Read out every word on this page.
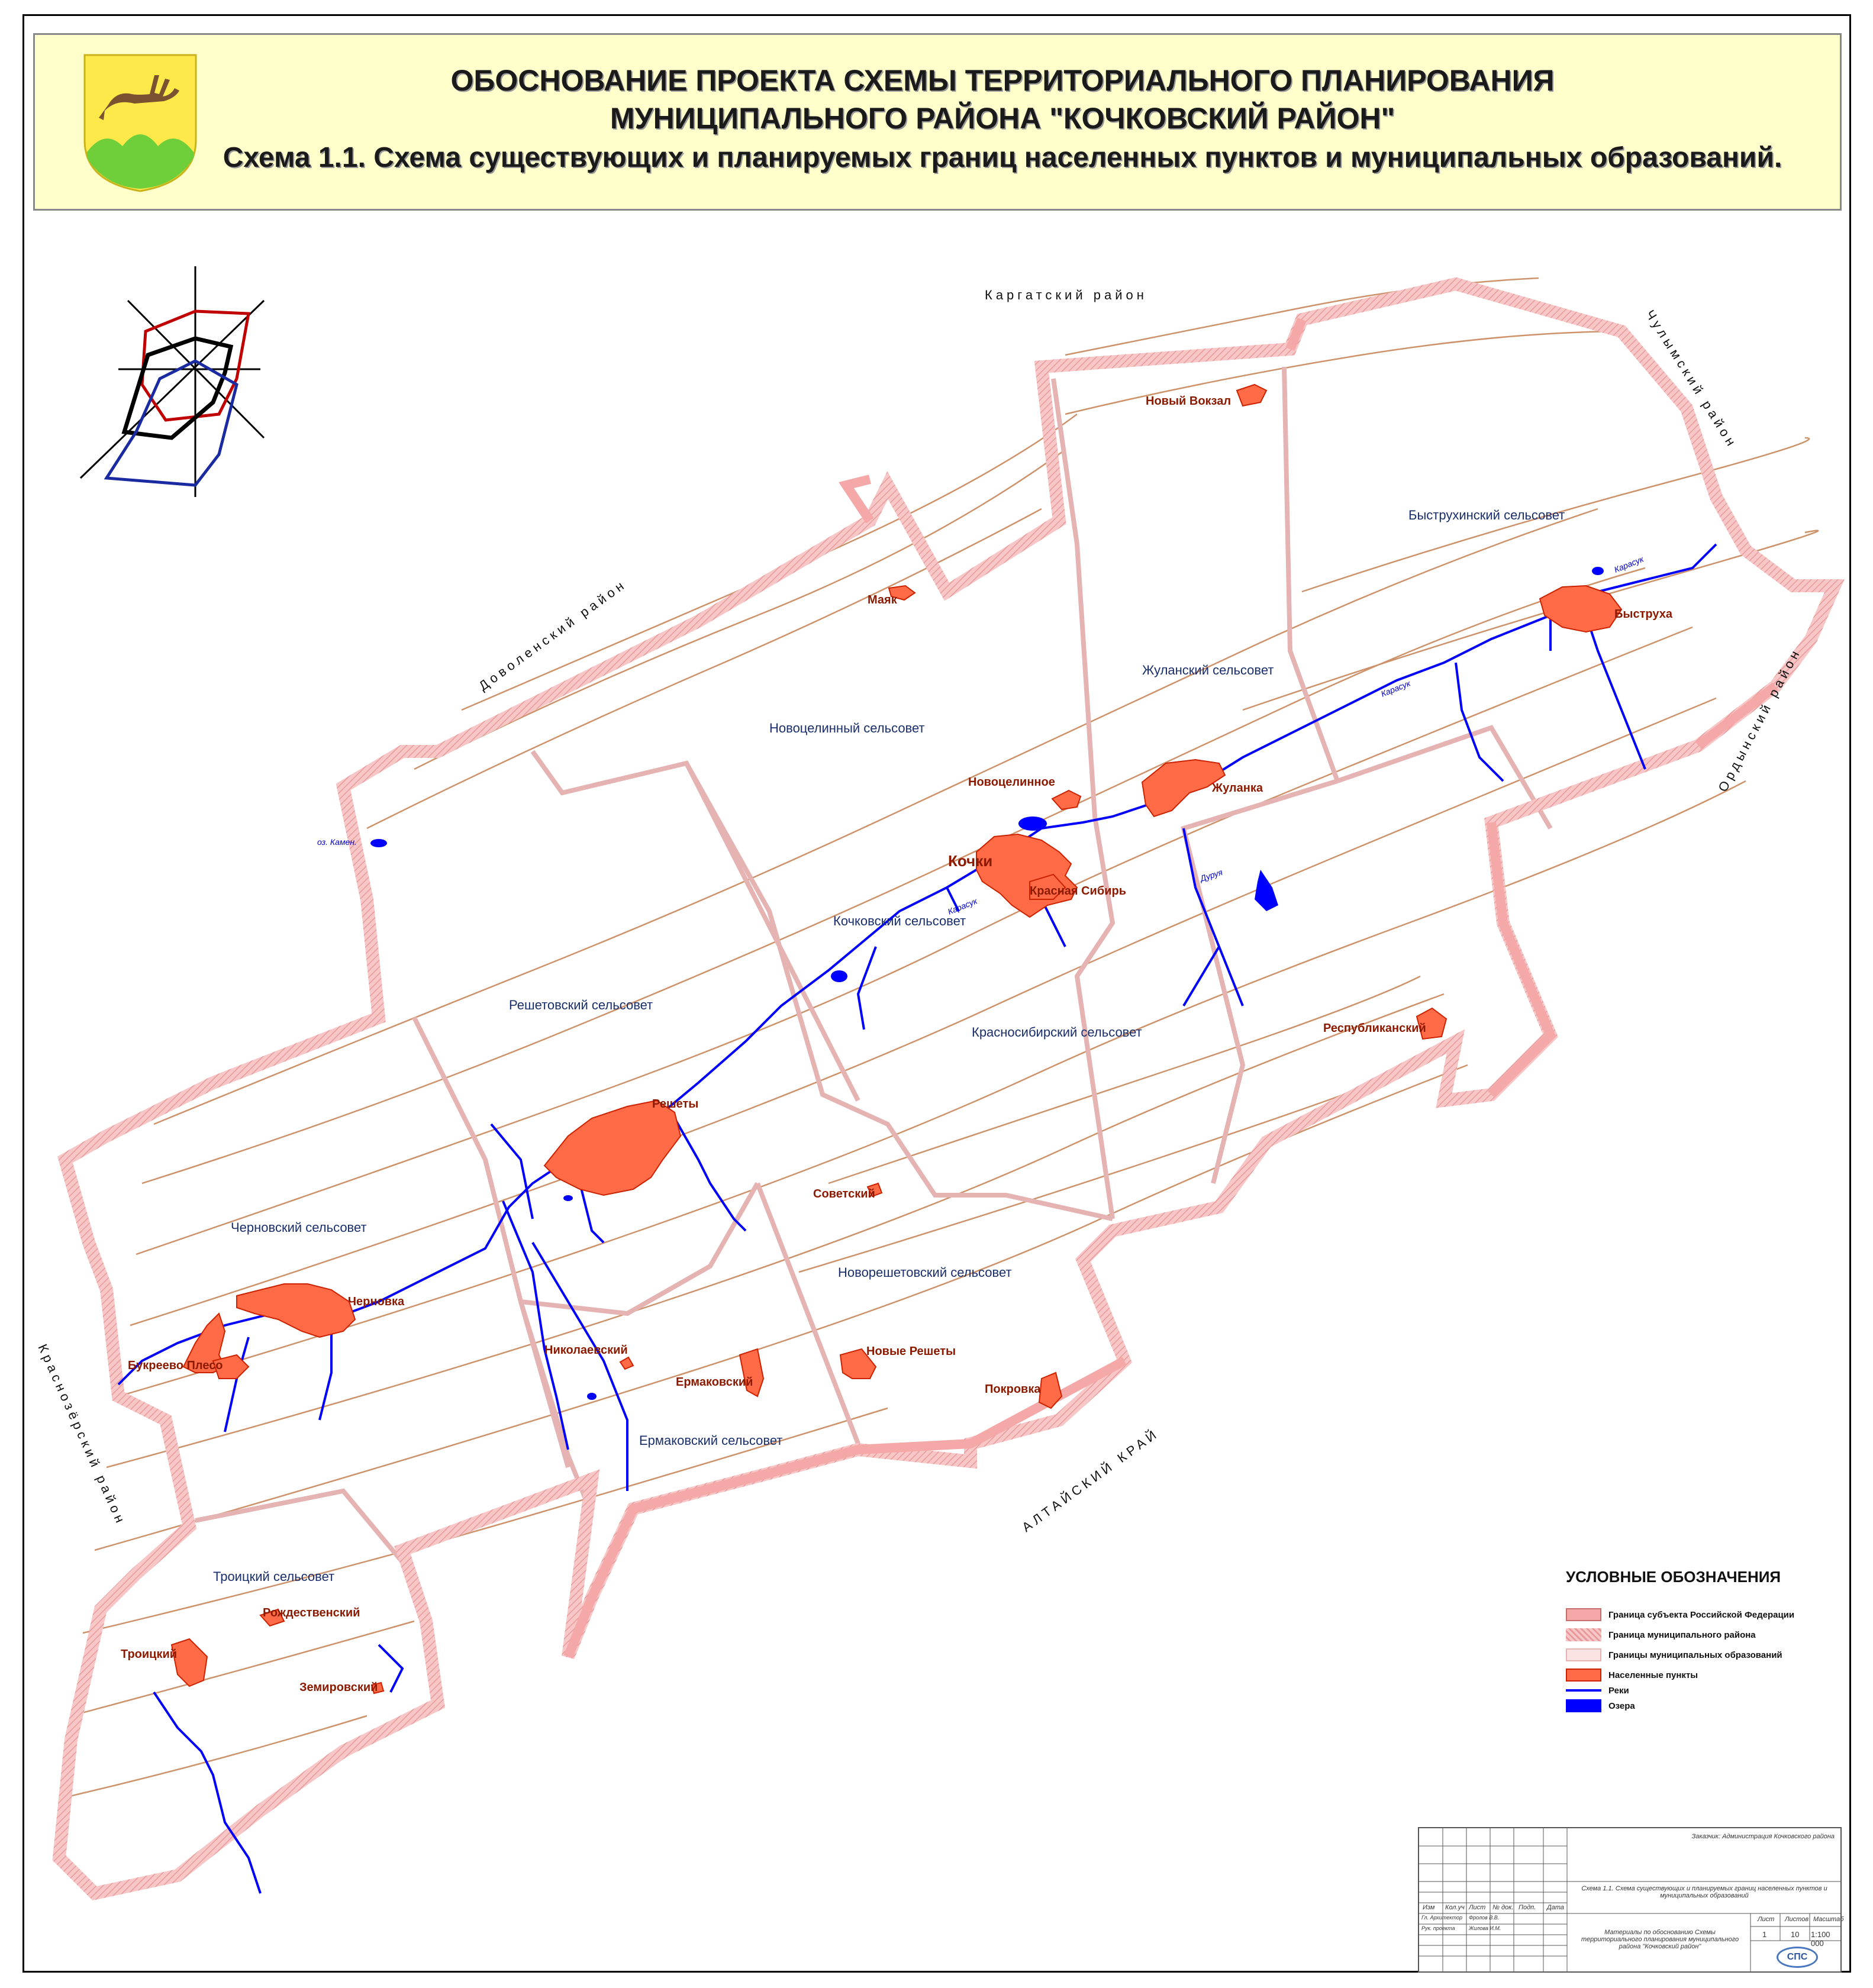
ОБОСНОВАНИЕ ПРОЕКТА СХЕМЫ ТЕРРИТОРИАЛЬНОГО ПЛАНИРОВАНИЯ
МУНИЦИПАЛЬНОГО РАЙОНА "КОЧКОВСКИЙ РАЙОН"
Схема 1.1. Схема существующих и планируемых границ населенных пунктов и муниципальных образований.
Быструхинский сельсовет
Жуланский сельсовет
Новоцелинный сельсовет
Кочковский сельсовет
Решетовский сельсовет
Красносибирский сельсовет
Черновский сельсовет
Новорешетовский сельсовет
Ермаковский сельсовет
Троицкий сельсовет
Новый Вокзал
Маяк
Быструха
Новоцелинное	Жуланка
Кочки
Красная Сибирь
Республиканский
Решеты
Советский
Черновка
Букреево Плесо
Николаевский
Ермаковский
Новые Решеты
Покровка
Рождественский
Троицкий
Земировский
Карасук
Карасук
Карасук
Дуруя
оз. Камен.
Каргатский район
Чулымский район
Ордынский район
Доволенский район
Краснозёрский район	АЛТАЙСКИЙ КРАЙ
УСЛОВНЫЕ ОБОЗНАЧЕНИЯ
Граница субъекта Российской Федерации
Граница муниципального района
Границы муниципальных образований
Населенные пункты
Реки
Озера
Заказчик: Администрация Кочковского района
Схема 1.1. Схема существующих и планируемых границ населенных пунктов и муниципальных образований
Материалы по обоснованию Схемы территориального планирования муниципального района "Кочковский район"
Изм Кол.уч Лист № док. Подп. Дата
Гл. Архитектор Фролов В.В.
Рук. проекта	Жилова И.М.
Лист Листов Масштаб
1	10 1:100 000
СПС
